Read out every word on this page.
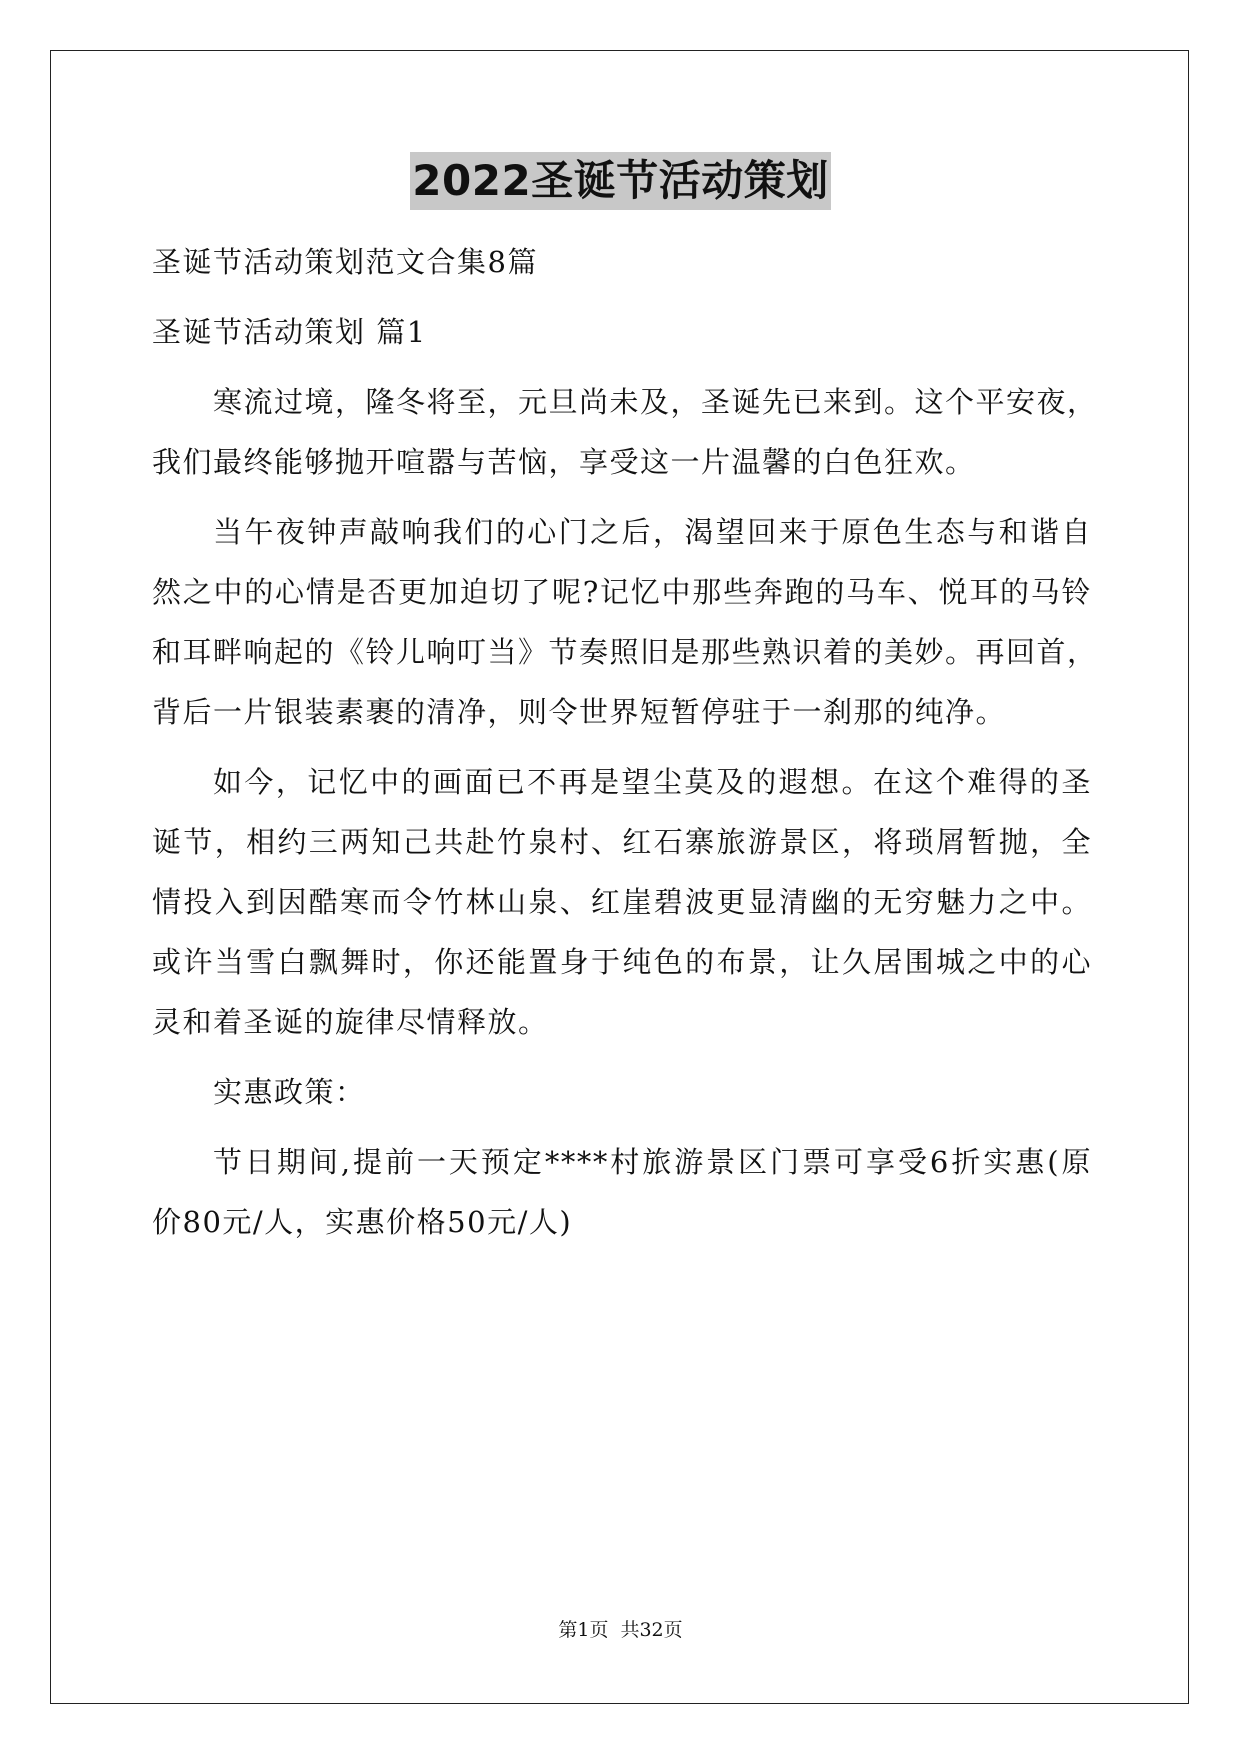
2022圣诞节活动策划

圣诞节活动策划范文合集8篇

圣诞节活动策划 篇1

寒流过境，隆冬将至，元旦尚未及，圣诞先已来到。这个平安夜，

我们最终能够抛开喧嚣与苦恼，享受这一片温馨的白色狂欢。

当午夜钟声敲响我们的心门之后，渴望回来于原色生态与和谐自

然之中的心情是否更加迫切了呢?记忆中那些奔跑的马车、悦耳的马铃

和耳畔响起的《铃儿响叮当》节奏照旧是那些熟识着的美妙。再回首，

背后一片银装素裹的清净，则令世界短暂停驻于一刹那的纯净。

如今，记忆中的画面已不再是望尘莫及的遐想。在这个难得的圣

诞节，相约三两知己共赴竹泉村、红石寨旅游景区，将琐屑暂抛，全

情投入到因酷寒而令竹林山泉、红崖碧波更显清幽的无穷魅力之中。

或许当雪白飘舞时，你还能置身于纯色的布景，让久居围城之中的心

灵和着圣诞的旋律尽情释放。

实惠政策：

节日期间,提前一天预定****村旅游景区门票可享受6折实惠(原

价80元/人，实惠价格50元/人)

第1页 共32页
